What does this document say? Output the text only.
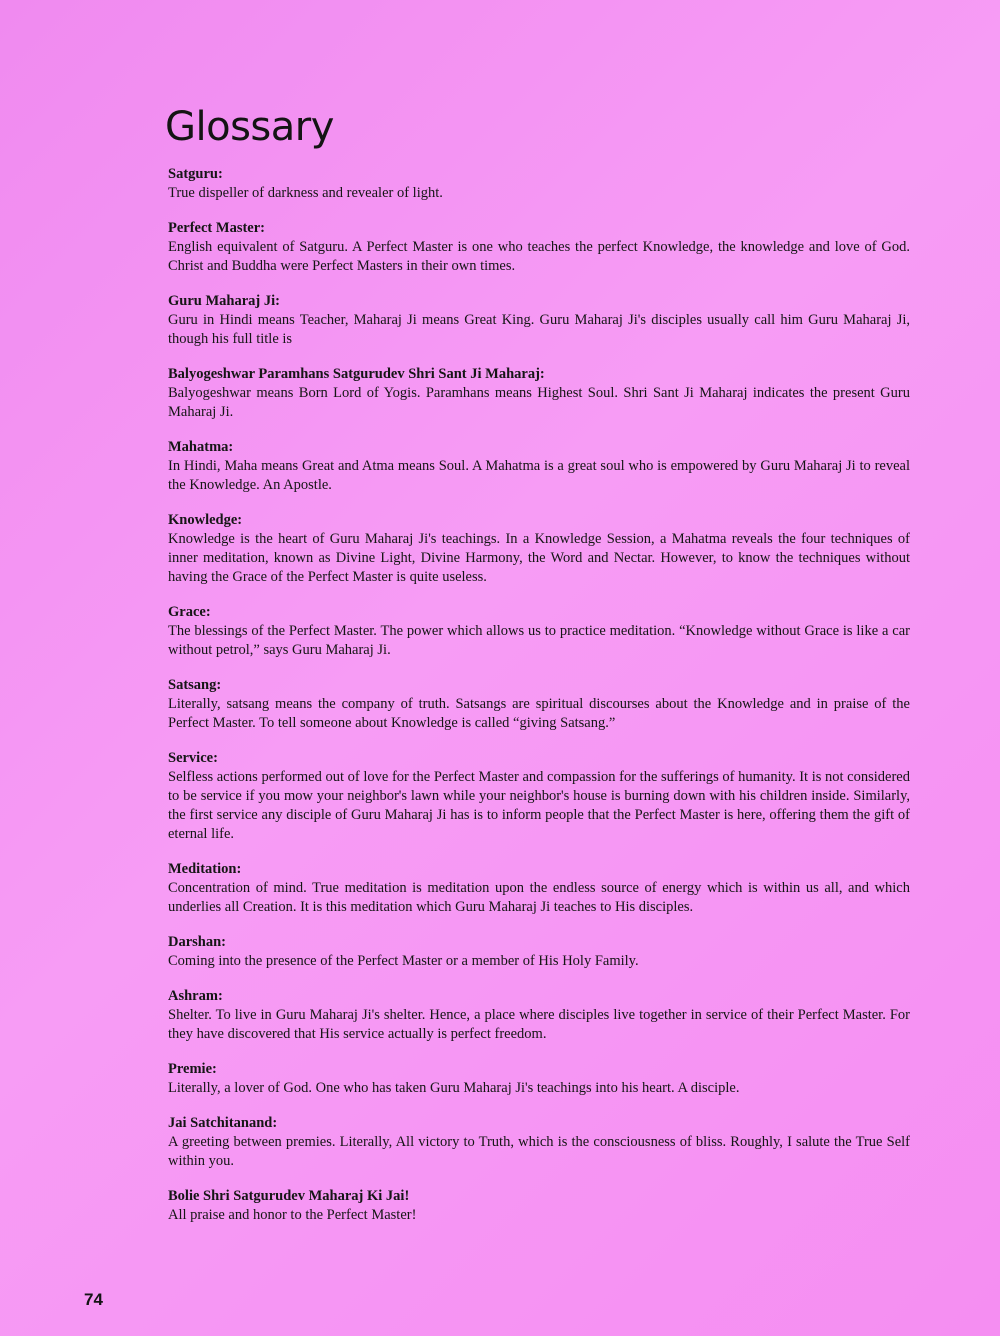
Glossary

Satguru:

True dispeller of darkness and revealer of light.

Perfect Master:

English equivalent of Satguru. A Perfect Master is one who teaches the perfect Knowledge, the knowledge and love of God. Christ and Buddha were Perfect Masters in their own times.

Guru Maharaj Ji:

Guru in Hindi means Teacher, Maharaj Ji means Great King. Guru Maharaj Ji's disciples usually call him Guru Maharaj Ji, though his full title is

Balyogeshwar Paramhans Satgurudev Shri Sant Ji Maharaj:

Balyogeshwar means Born Lord of Yogis. Paramhans means Highest Soul. Shri Sant Ji Maharaj indicates the present Guru Maharaj Ji.

Mahatma:

In Hindi, Maha means Great and Atma means Soul. A Mahatma is a great soul who is empowered by Guru Maharaj Ji to reveal the Knowledge. An Apostle.

Knowledge:

Knowledge is the heart of Guru Maharaj Ji's teachings. In a Knowledge Session, a Mahatma reveals the four techniques of inner meditation, known as Divine Light, Divine Harmony, the Word and Nectar. However, to know the techniques without having the Grace of the Perfect Master is quite useless.

Grace:

The blessings of the Perfect Master. The power which allows us to practice meditation. “Knowledge without Grace is like a car without petrol,” says Guru Maharaj Ji.

Satsang:

Literally, satsang means the company of truth. Satsangs are spiritual discourses about the Knowledge and in praise of the Perfect Master. To tell someone about Knowledge is called “giving Satsang.”

Service:

Selfless actions performed out of love for the Perfect Master and compassion for the sufferings of humanity. It is not considered to be service if you mow your neighbor's lawn while your neighbor's house is burning down with his children inside. Similarly, the first service any disciple of Guru Maharaj Ji has is to inform people that the Perfect Master is here, offering them the gift of eternal life.

Meditation:

Concentration of mind. True meditation is meditation upon the endless source of energy which is within us all, and which underlies all Creation. It is this meditation which Guru Maharaj Ji teaches to His disciples.

Darshan:

Coming into the presence of the Perfect Master or a member of His Holy Family.

Ashram:

Shelter. To live in Guru Maharaj Ji's shelter. Hence, a place where disciples live together in service of their Perfect Master. For they have discovered that His service actually is perfect freedom.

Premie:

Literally, a lover of God. One who has taken Guru Maharaj Ji's teachings into his heart. A disciple.

Jai Satchitanand:

A greeting between premies. Literally, All victory to Truth, which is the consciousness of bliss. Roughly, I salute the True Self within you.

Bolie Shri Satgurudev Maharaj Ki Jai!

All praise and honor to the Perfect Master!

74
